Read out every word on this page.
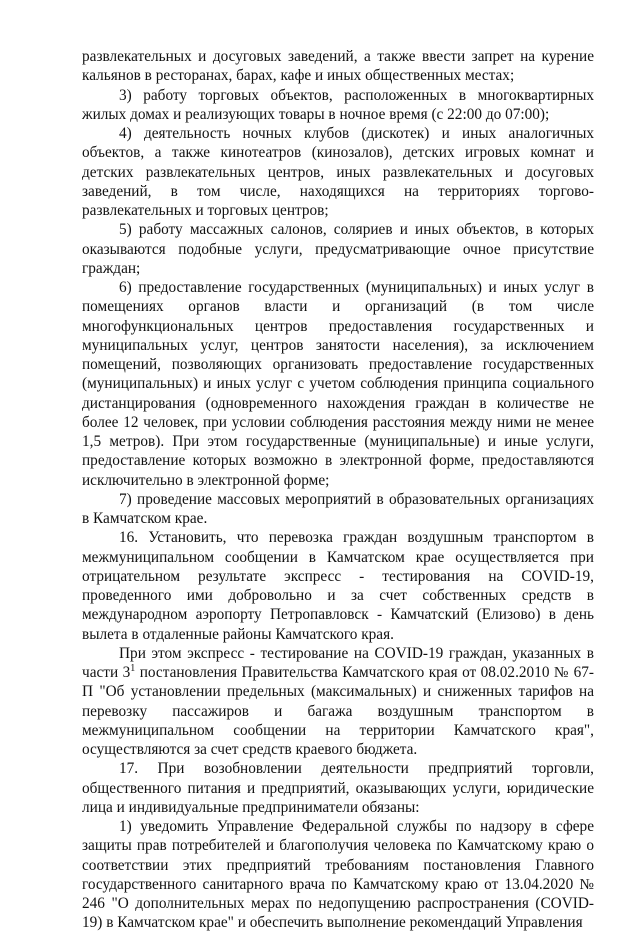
развлекательных и досуговых заведений, а также ввести запрет на курение кальянов в ресторанах, барах, кафе и иных общественных местах;

3) работу торговых объектов, расположенных в многоквартирных жилых домах и реализующих товары в ночное время (с 22:00 до 07:00);

4) деятельность ночных клубов (дискотек) и иных аналогичных объектов, а также кинотеатров (кинозалов), детских игровых комнат и детских развлекательных центров, иных развлекательных и досуговых заведений, в том числе, находящихся на территориях торгово-развлекательных и торговых центров;

5) работу массажных салонов, соляриев и иных объектов, в которых оказываются подобные услуги, предусматривающие очное присутствие граждан;

6) предоставление государственных (муниципальных) и иных услуг в помещениях органов власти и организаций (в том числе многофункциональных центров предоставления государственных и муниципальных услуг, центров занятости населения), за исключением помещений, позволяющих организовать предоставление государственных (муниципальных) и иных услуг с учетом соблюдения принципа социального дистанцирования (одновременного нахождения граждан в количестве не более 12 человек, при условии соблюдения расстояния между ними не менее 1,5 метров). При этом государственные (муниципальные) и иные услуги, предоставление которых возможно в электронной форме, предоставляются исключительно в электронной форме;

7) проведение массовых мероприятий в образовательных организациях в Камчатском крае.

16. Установить, что перевозка граждан воздушным транспортом в межмуниципальном сообщении в Камчатском крае осуществляется при отрицательном результате экспресс - тестирования на COVID-19, проведенного ими добровольно и за счет собственных средств в международном аэропорту Петропавловск - Камчатский (Елизово) в день вылета в отдаленные районы Камчатского края.

При этом экспресс - тестирование на COVID-19 граждан, указанных в части $3^1$ постановления Правительства Камчатского края от 08.02.2010 № 67-П "Об установлении предельных (максимальных) и сниженных тарифов на перевозку пассажиров и багажа воздушным транспортом в межмуниципальном сообщении на территории Камчатского края", осуществляются за счет средств краевого бюджета.

17. При возобновлении деятельности предприятий торговли, общественного питания и предприятий, оказывающих услуги, юридические лица и индивидуальные предприниматели обязаны:

1) уведомить Управление Федеральной службы по надзору в сфере защиты прав потребителей и благополучия человека по Камчатскому краю о соответствии этих предприятий требованиям постановления Главного государственного санитарного врача по Камчатскому краю от 13.04.2020 № 246 "О дополнительных мерах по недопущению распространения (COVID-19) в Камчатском крае" и обеспечить выполнение рекомендаций Управления
